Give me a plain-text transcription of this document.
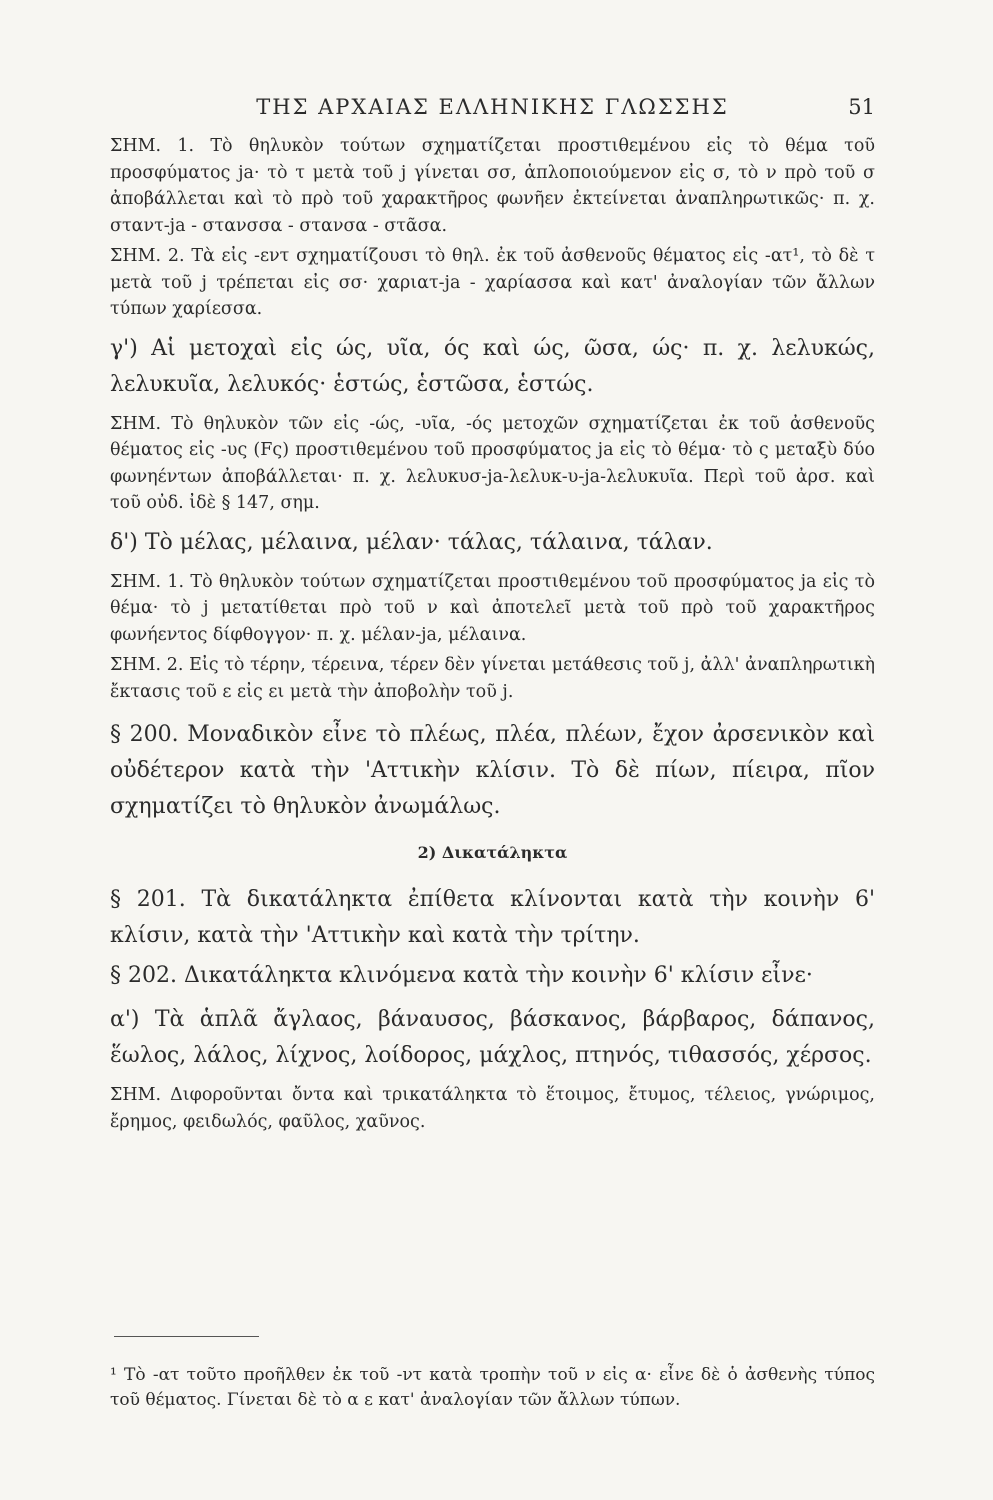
ΤΗΣ ΑΡΧΑΙΑΣ ΕΛΛΗΝΙΚΗΣ ΓΛΩΣΣΗΣ	51

ΣΗΜ. 1. Τὸ θηλυκὸν τούτων σχηματίζεται προστιθεμένου εἰς τὸ θέμα τοῦ προσφύματος ja· τὸ τ μετὰ τοῦ j γίνεται σσ, ἁπλοποιούμενον εἰς σ, τὸ ν πρὸ τοῦ σ ἀποβάλλεται καὶ τὸ πρὸ τοῦ χαρακτῆρος φωνῆεν ἐκτείνεται ἀναπληρωτικῶς· π. χ. σταντ-ja - στανσσα - στανσα - στᾶσα.

ΣΗΜ. 2. Τὰ εἰς -εντ σχηματίζουσι τὸ θηλ. ἐκ τοῦ ἀσθενοῦς θέματος εἰς -ατ¹, τὸ δὲ τ μετὰ τοῦ j τρέπεται εἰς σσ· χαριατ-ja - χαρίασσα καὶ κατ' ἀναλογίαν τῶν ἄλλων τύπων χαρίεσσα.

γ') Αἱ μετοχαὶ εἰς ώς, υῖα, ός καὶ ώς, ῶσα, ώς· π. χ. λελυκώς, λελυκυῖα, λελυκός· ἑστώς, ἑστῶσα, ἑστώς.

ΣΗΜ. Τὸ θηλυκὸν τῶν εἰς -ώς, -υῖα, -ός μετοχῶν σχηματίζεται ἐκ τοῦ ἀσθενοῦς θέματος εἰς -υς (Fς) προστιθεμένου τοῦ προσφύματος ja εἰς τὸ θέμα· τὸ ς μεταξὺ δύο φωνηέντων ἀποβάλλεται· π. χ. λελυκυσ-ja-λελυκ-υ-ja-λελυκυῖα. Περὶ τοῦ ἀρσ. καὶ τοῦ οὐδ. ἰδὲ § 147, σημ.

δ') Τὸ μέλας, μέλαινα, μέλαν· τάλας, τάλαινα, τάλαν.

ΣΗΜ. 1. Τὸ θηλυκὸν τούτων σχηματίζεται προστιθεμένου τοῦ προσφύματος ja εἰς τὸ θέμα· τὸ j μετατίθεται πρὸ τοῦ ν καὶ ἀποτελεῖ μετὰ τοῦ πρὸ τοῦ χαρακτῆρος φωνήεντος δίφθογγον· π. χ. μέλαν-ja, μέλαινα.

ΣΗΜ. 2. Εἰς τὸ τέρην, τέρεινα, τέρεν δὲν γίνεται μετάθεσις τοῦ j, ἀλλ' ἀναπληρωτικὴ ἔκτασις τοῦ ε εἰς ει μετὰ τὴν ἀποβολὴν τοῦ j.

§ 200. Μοναδικὸν εἶνε τὸ πλέως, πλέα, πλέων, ἔχον ἀρσενικὸν καὶ οὐδέτερον κατὰ τὴν 'Αττικὴν κλίσιν. Τὸ δὲ πίων, πίειρα, πῖον σχηματίζει τὸ θηλυκὸν ἀνωμάλως.

2) Δικατάληκτα

§ 201. Τὰ δικατάληκτα ἐπίθετα κλίνονται κατὰ τὴν κοινὴν 6' κλίσιν, κατὰ τὴν 'Αττικὴν καὶ κατὰ τὴν τρίτην.

§ 202. Δικατάληκτα κλινόμενα κατὰ τὴν κοινὴν 6' κλίσιν εἶνε·

α') Τὰ ἁπλᾶ ἄγλαος, βάναυσος, βάσκανος, βάρβαρος, δάπανος, ἕωλος, λάλος, λίχνος, λοίδορος, μάχλος, πτηνός, τιθασσός, χέρσος.

ΣΗΜ. Διφοροῦνται ὄντα καὶ τρικατάληκτα τὸ ἕτοιμος, ἔτυμος, τέλειος, γνώριμος, ἔρημος, φειδωλός, φαῦλος, χαῦνος.

¹ Τὸ -ατ τοῦτο προῆλθεν ἐκ τοῦ -ντ κατὰ τροπὴν τοῦ ν εἰς α· εἶνε δὲ ὁ ἀσθενὴς τύπος τοῦ θέματος. Γίνεται δὲ τὸ α ε κατ' ἀναλογίαν τῶν ἄλλων τύπων.
